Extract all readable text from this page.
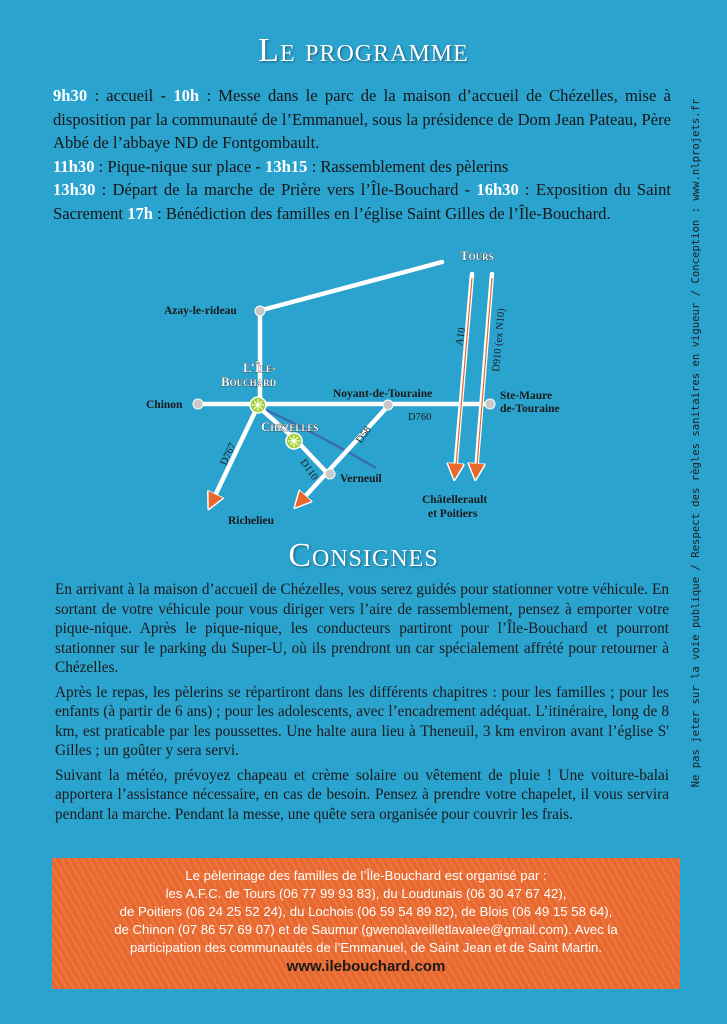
Le programme

9h30 : accueil - 10h : Messe dans le parc de la maison d’accueil de Chézelles, mise à disposition par la communauté de l’Emmanuel, sous la présidence de Dom Jean Pateau, Père Abbé de l’abbaye ND de Fontgombault.

11h30 : Pique-nique sur place - 13h15 : Rassemblement des pèlerins

13h30 : Départ de la marche de Prière vers l’Île-Bouchard - 16h30 : Exposition du Saint Sacrement 17h : Bénédiction des familles en l’église Saint Gilles de l’Île-Bouchard.

Tours
Azay-le-rideau
L’Île-
Bouchard
Chinon
Chézelles
Noyant-de-Touraine	Ste-Maure
de-Touraine
Verneuil
Richelieu
Châtellerault
et Poitiers
D760
A10 D910 (ex N10)
D767
D58
D110
Consignes

En arrivant à la maison d’accueil de Chézelles, vous serez guidés pour stationner votre véhicule. En sortant de votre véhicule pour vous diriger vers l’aire de rassemblement, pensez à emporter votre pique-nique. Après le pique-nique, les conducteurs partiront pour l’Île-Bouchard et pourront stationner sur le parking du Super-U, où ils prendront un car spécialement affrété pour retourner à Chézelles.

Après le repas, les pèlerins se répartiront dans les différents chapitres : pour les familles ; pour les enfants (à partir de 6 ans) ; pour les adolescents, avec l’encadrement adéquat. L’itinéraire, long de 8 km, est praticable par les poussettes. Une halte aura lieu à Theneuil, 3 km environ avant l’église S' Gilles ; un goûter y sera servi.

Suivant la météo, prévoyez chapeau et crème solaire ou vêtement de pluie ! Une voiture-balai apportera l’assistance nécessaire, en cas de besoin. Pensez à prendre votre chapelet, il vous servira pendant la marche. Pendant la messe, une quête sera organisée pour couvrir les frais.

Ne pas jeter sur la voie publique / Respect des règles sanitaires en vigueur / Conception : www.nlprojets.fr
Le pèlerinage des familles de l’Île-Bouchard est organisé par :
les A.F.C. de Tours (06 77 99 93 83), du Loudunais (06 30 47 67 42),
de Poitiers (06 24 25 52 24), du Lochois (06 59 54 89 82), de Blois (06 49 15 58 64),
de Chinon (07 86 57 69 07) et de Saumur (gwenolaveilletlavalee@gmail.com). Avec la
participation des communautés de l’Emmanuel, de Saint Jean et de Saint Martin.
www.ilebouchard.com
